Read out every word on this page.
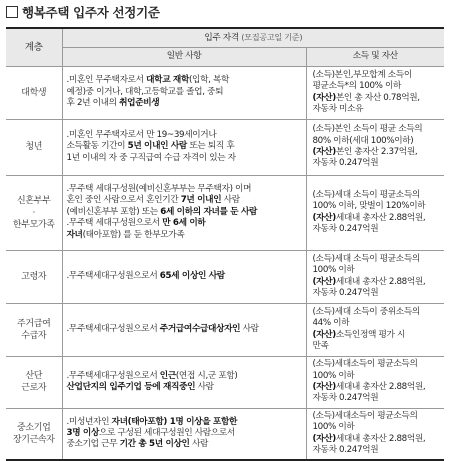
행복주택 입주자 선정기준
계층	입주 자격 (모집공고일 기준)	
	일반 사항	소득 및 자산
대학생	.미혼인 무주택자로서 대학교 재학(입학, 복학
예정)중 이거나, 대학,고등학교를 졸업, 중퇴
후 2년 이내의 취업준비생	(소득)본인,부모합계 소득이
평균소득*의 100% 이하
(자산)본인 총 자산 0.78억원,
자동차 미소유

청년	.미혼인 무주택자로서 만 19~39세이거나
소득활동 기간이 5년 이내인 사람 또는 퇴직 후
1년 이내의 자 중 구직급여 수급 자격이 있는 자	(소득)본인 소득이 평균 소득의
80% 이하(세대 100%이하)
(자산)본인 총자산 2.37억원,
자동차 0.247억원

신혼부부
·
한부모가족	.무주택 세대구성원(예비신혼부부는 무주택자) 이며
혼인 중인 사람으로서 혼인기간 7년 이내인 사람
(예비신혼부부 포함) 또는 6세 이하의 자녀를 둔 사람
.무주택 세대구성원으로서 만 6세 이하
자녀(태아포함) 를 둔 한부모가족	(소득)세대 소득이 평균소득의
100% 이하, 맞벌이 120%이하
(자산)세대내 총자산 2.88억원,
자동차 0.247억원

고령자	.무주택세대구성원으로서 65세 이상인 사람	(소득)세대 소득이 평균소득의
100% 이하
(자산)세대내 총자산 2.88억원,
자동차 0.247억원

주거급여
수급자	.무주택세대구성원으로서 주거급여수급대상자인 사람	(소득)세대 소득이 중위소득의
44% 이하
(자산)소득인정액 평가 시
만족

산단
근로자	.무주택세대구성원으로서 인근(연접 시,군 포함)
산업단지의 입주기업 등에 재직중인 사람	(소득)세대소득이 평균소득의
100% 이하
(자산)세대내 총자산 2.88억원,
자동차 0.247억원

중소기업
장기근속자	.미성년자인 자녀(태아포함) 1명 이상을 포함한
3명 이상으로 구성된 세대구성원인 사람으로서
중소기업 근무 기간 총 5년 이상인 사람	(소득)세대소득이 평균소득의
100% 이하
(자산)세대내 총자산 2.88억원,
자동차 0.247억원
